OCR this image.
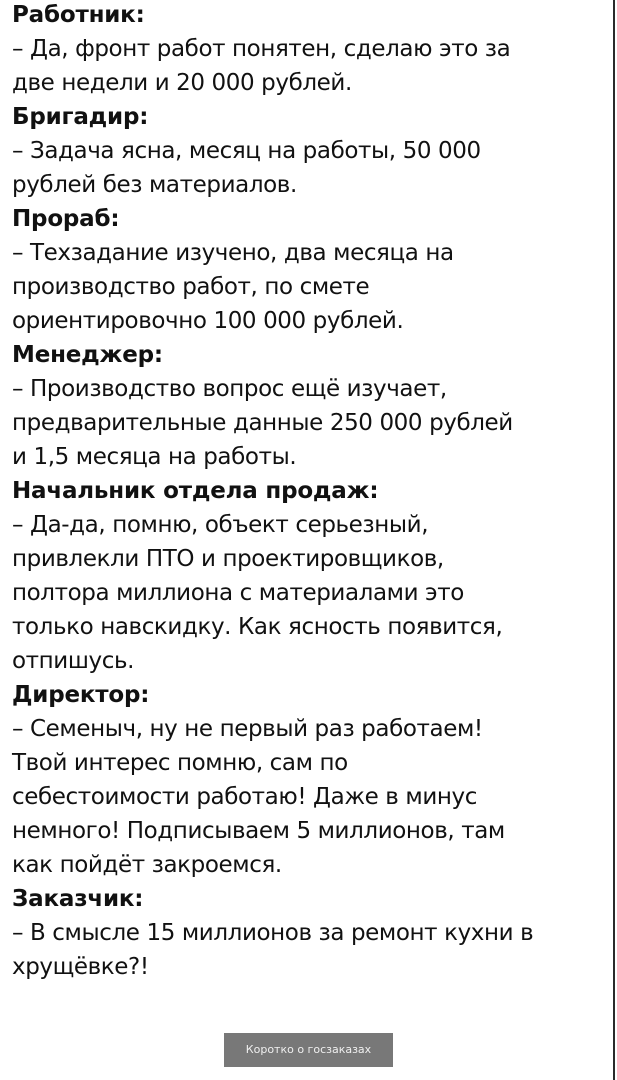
Работник:
– Да, фронт работ понятен, сделаю это за
две недели и 20 000 рублей.
Бригадир:
– Задача ясна, месяц на работы, 50 000
рублей без материалов.
Прораб:
– Техзадание изучено, два месяца на
производство работ, по смете
ориентировочно 100 000 рублей.
Менеджер:
– Производство вопрос ещё изучает,
предварительные данные 250 000 рублей
и 1,5 месяца на работы.
Начальник отдела продаж:
– Да-да, помню, объект серьезный,
привлекли ПТО и проектировщиков,
полтора миллиона с материалами это
только навскидку. Как ясность появится,
отпишусь.
Директор:
– Семеныч, ну не первый раз работаем!
Твой интерес помню, сам по
себестоимости работаю! Даже в минус
немного! Подписываем 5 миллионов, там
как пойдёт закроемся.
Заказчик:
– В смысле 15 миллионов за ремонт кухни в
хрущёвке?!
Коротко о госзаказах
